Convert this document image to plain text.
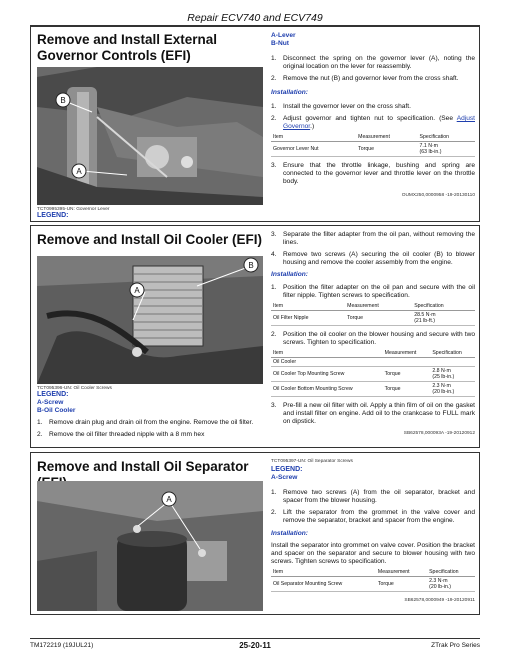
Repair ECV740 and ECV749
Remove and Install External Governor Controls (EFI)
B
A
TCT0995395-UN: Governor Lever
LEGEND:
A-Lever
B-Nut
1. Disconnect the spring on the governor lever (A), noting the original location on the lever for reassembly.
2. Remove the nut (B) and governor lever from the cross shaft.
Installation:
1. Install the governor lever on the cross shaft.
2. Adjust governor and tighten nut to specification. (See Adjust Governor.)
Item	Measurement	Specification
Governor Lever Nut	Torque	7.1 N·m
(63 lb-in.)
3. Ensure that the throttle linkage, bushing and spring are connected to the governor lever and throttle lever on the throttle body.
OUMX250,0000958 -19-20130110
Remove and Install Oil Cooler (EFI)
B
A
TCT095396-UN: Oil Cooler Screws
LEGEND:
A-Screw
B-Oil Cooler
1. Remove drain plug and drain oil from the engine. Remove the oil filter.
2. Remove the oil filter threaded nipple with a 8 mm hex
3. Separate the filter adapter from the oil pan, without removing the lines.
4. Remove two screws (A) securing the oil cooler (B) to blower housing and remove the cooler assembly from the engine.
Installation:
1. Position the filter adapter on the oil pan and secure with the oil filter nipple. Tighten screws to specification.
Item	Measurement	Specification
Oil Filter Nipple	Torque	28.5 N·m
(21 lb-ft.)
2. Position the oil cooler on the blower housing and secure with two screws. Tighten to specification.
Item	Measurement	Specification
Oil Cooler		
Oil Cooler Top Mounting Screw	Torque	2.8 N·m
(25 lb-in.)
Oil Cooler Bottom Mounting Screw	Torque	2.3 N·m
(20 lb-in.)
3. Pre-fill a new oil filter with oil. Apply a thin film of oil on the gasket and install filter on engine. Add oil to the crankcase to FULL mark on dipstick.
SB62578,000093A -19-20120912
Remove and Install Oil Separator
A
TCT095397-UN: Oil Separator Screws
LEGEND:
A-Screw
1. Remove two screws (A) from the oil separator, bracket and spacer from the blower housing.
2. Lift the separator from the grommet in the valve cover and remove the separator, bracket and spacer from the engine.
Installation:
Install the separator into grommet on valve cover. Position the bracket and spacer on the separator and secure to blower housing with two screws. Tighten screws to specification.
Item	Measurement	Specification
Oil Separator Mounting Screw	Torque	2.3 N·m
(20 lb-in.)
SB62578,0000949 -19-20120911
TM172219 (19JUL21)	25-20-11	ZTrak Pro Series
